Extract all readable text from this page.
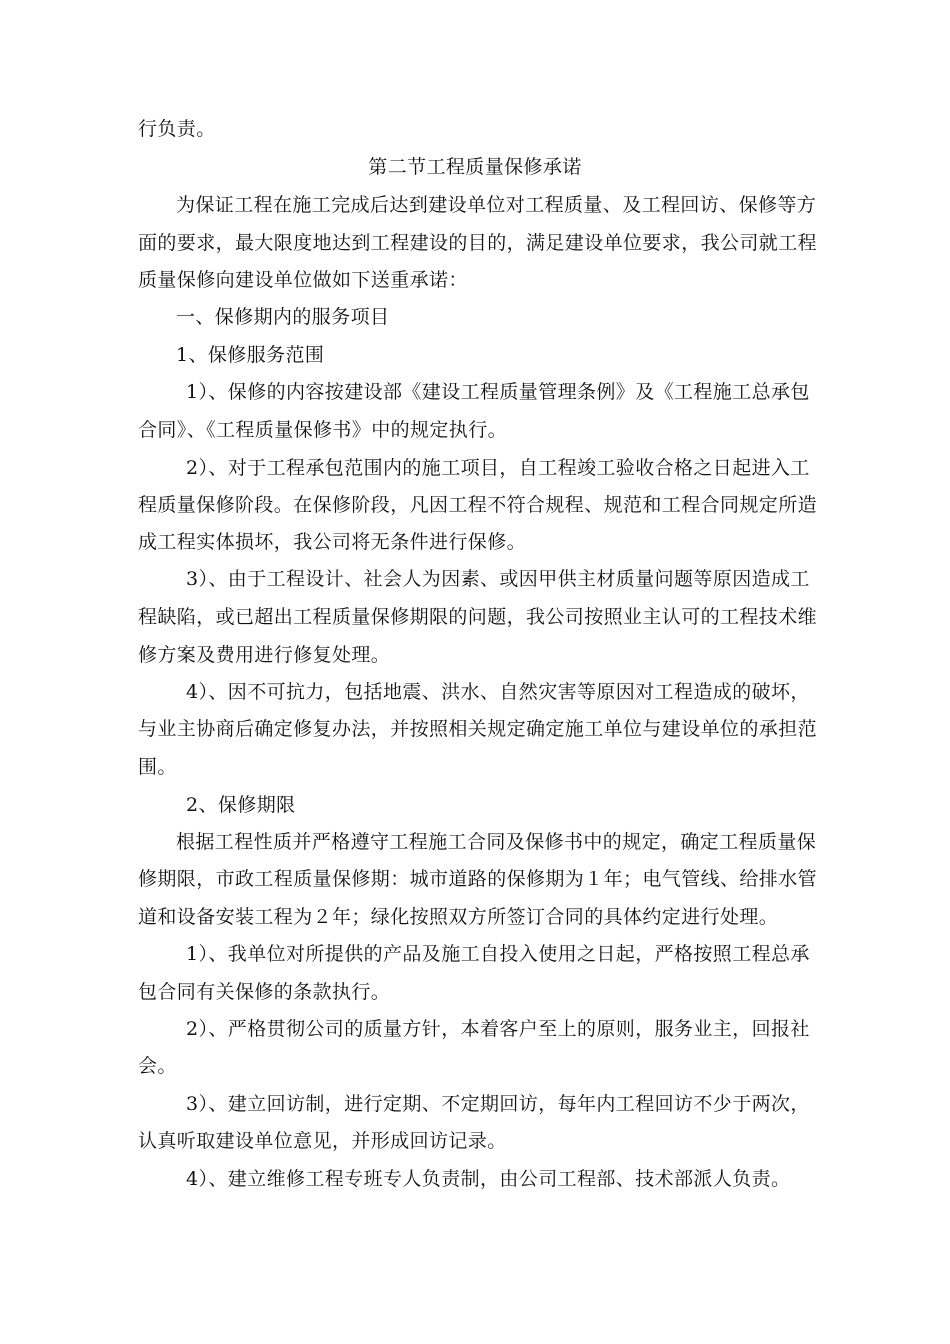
行负责。
第二节工程质量保修承诺
为保证工程在施工完成后达到建设单位对工程质量、及工程回访、保修等方
面的要求，最大限度地达到工程建设的目的，满足建设单位要求，我公司就工程
质量保修向建设单位做如下送重承诺：
一、保修期内的服务项目
1、保修服务范围
1）、保修的内容按建设部《建设工程质量管理条例》及《工程施工总承包
合同》、《工程质量保修书》中的规定执行。
2）、对于工程承包范围内的施工项目，自工程竣工验收合格之日起进入工
程质量保修阶段。在保修阶段，凡因工程不符合规程、规范和工程合同规定所造
成工程实体损坏，我公司将无条件进行保修。
3）、由于工程设计、社会人为因素、或因甲供主材质量问题等原因造成工
程缺陷，或已超出工程质量保修期限的问题，我公司按照业主认可的工程技术维
修方案及费用进行修复处理。
4）、因不可抗力，包括地震、洪水、自然灾害等原因对工程造成的破坏，
与业主协商后确定修复办法，并按照相关规定确定施工单位与建设单位的承担范
围。
2、保修期限
根据工程性质并严格遵守工程施工合同及保修书中的规定，确定工程质量保
修期限，市政工程质量保修期：城市道路的保修期为１年；电气管线、给排水管
道和设备安装工程为２年；绿化按照双方所签订合同的具体约定进行处理。
1）、我单位对所提供的产品及施工自投入使用之日起，严格按照工程总承
包合同有关保修的条款执行。
2）、严格贯彻公司的质量方针，本着客户至上的原则，服务业主，回报社
会。
3）、建立回访制，进行定期、不定期回访，每年内工程回访不少于两次，
认真听取建设单位意见，并形成回访记录。
4）、建立维修工程专班专人负责制，由公司工程部、技术部派人负责。
